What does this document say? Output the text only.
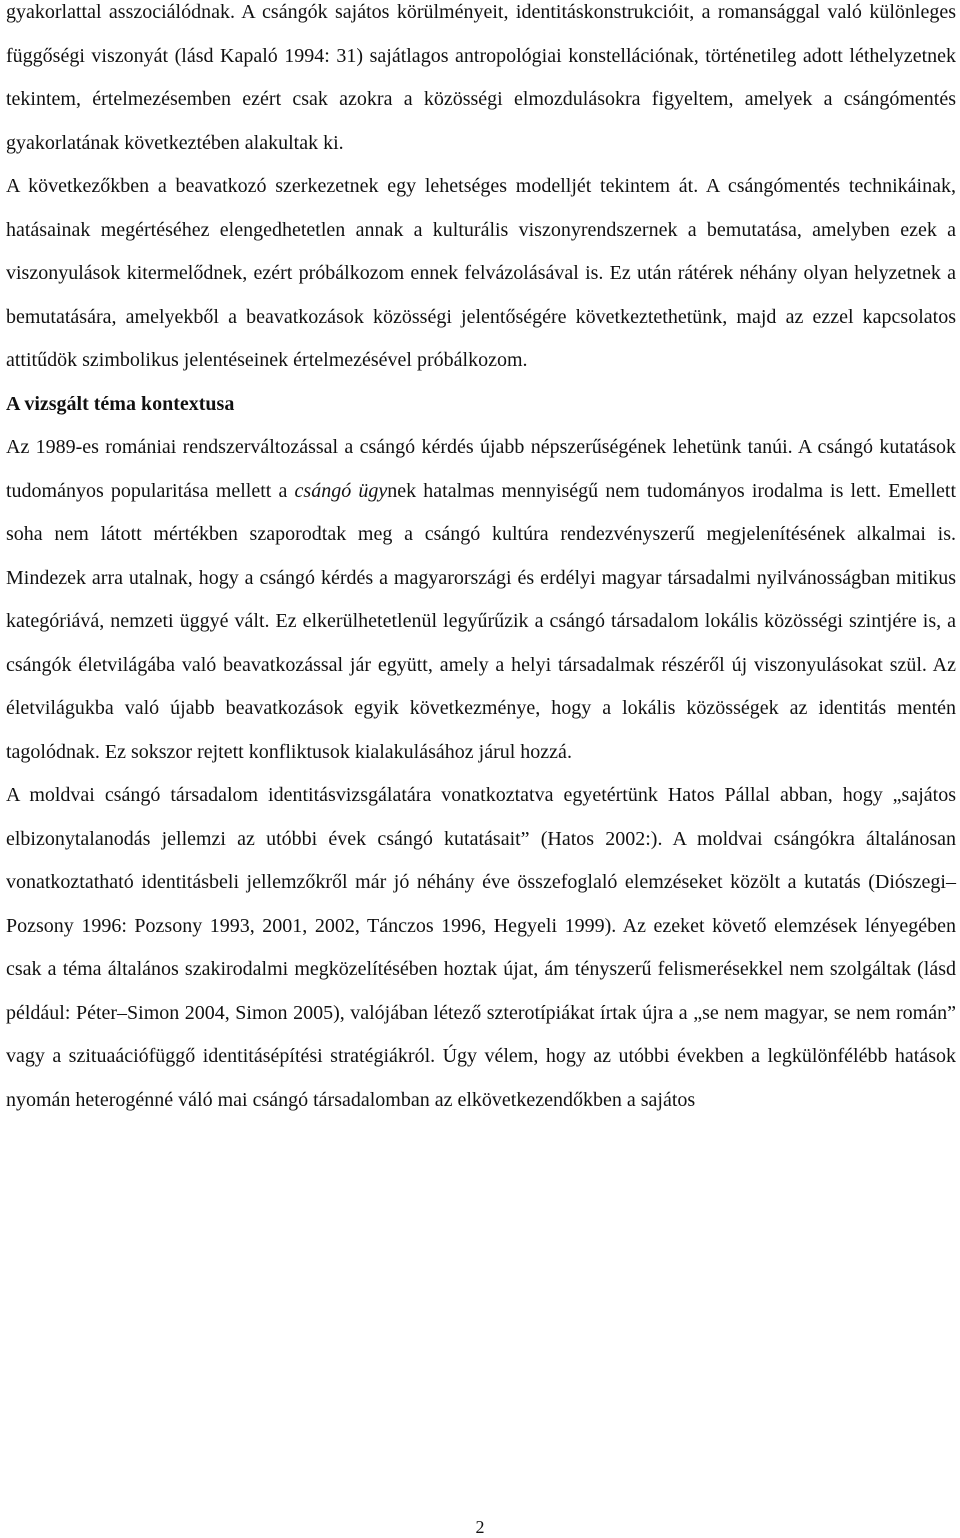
gyakorlattal asszociálódnak. A csángók sajátos körülményeit, identitáskonstrukcióit, a romansággal való különleges függőségi viszonyát (lásd Kapaló 1994: 31) sajátlagos antropológiai konstellációnak, történetileg adott léthelyzetnek tekintem, értelmezésemben ezért csak azokra a közösségi elmozdulásokra figyeltem, amelyek a csángómentés gyakorlatának következtében alakultak ki.

A következőkben a beavatkozó szerkezetnek egy lehetséges modelljét tekintem át. A csángómentés technikáinak, hatásainak megértéséhez elengedhetetlen annak a kulturális viszonyrendszernek a bemutatása, amelyben ezek a viszonyulások kitermelődnek, ezért próbálkozom ennek felvázolásával is. Ez után rátérek néhány olyan helyzetnek a bemutatására, amelyekből a beavatkozások közösségi jelentőségére következtethetünk, majd az ezzel kapcsolatos attitűdök szimbolikus jelentéseinek értelmezésével próbálkozom.

A vizsgált téma kontextusa

Az 1989-es romániai rendszerváltozással a csángó kérdés újabb népszerűségének lehetünk tanúi. A csángó kutatások tudományos popularitása mellett a csángó ügynek hatalmas mennyiségű nem tudományos irodalma is lett. Emellett soha nem látott mértékben szaporodtak meg a csángó kultúra rendezvényszerű megjelenítésének alkalmai is. Mindezek arra utalnak, hogy a csángó kérdés a magyarországi és erdélyi magyar társadalmi nyilvánosságban mitikus kategóriává, nemzeti üggyé vált. Ez elkerülhetetlenül legyűrűzik a csángó társadalom lokális közösségi szintjére is, a csángók életvilágába való beavatkozással jár együtt, amely a helyi társadalmak részéről új viszonyulásokat szül. Az életvilágukba való újabb beavatkozások egyik következménye, hogy a lokális közösségek az identitás mentén tagolódnak. Ez sokszor rejtett konfliktusok kialakulásához járul hozzá.

A moldvai csángó társadalom identitásvizsgálatára vonatkoztatva egyetértünk Hatos Pállal abban, hogy „sajátos elbizonytalanodás jellemzi az utóbbi évek csángó kutatásait” (Hatos 2002:). A moldvai csángókra általánosan vonatkoztatható identitásbeli jellemzőkről már jó néhány éve összefoglaló elemzéseket közölt a kutatás (Diószegi–Pozsony 1996: Pozsony 1993, 2001, 2002, Tánczos 1996, Hegyeli 1999). Az ezeket követő elemzések lényegében csak a téma általános szakirodalmi megközelítésében hoztak újat, ám tényszerű felismerésekkel nem szolgáltak (lásd például: Péter–Simon 2004, Simon 2005), valójában létező szterotípiákat írtak újra a „se nem magyar, se nem román” vagy a szituaációfüggő identitásépítési stratégiákról. Úgy vélem, hogy az utóbbi években a legkülönfélébb hatások nyomán heterogénné váló mai csángó társadalomban az elkövetkezendőkben a sajátos

2
